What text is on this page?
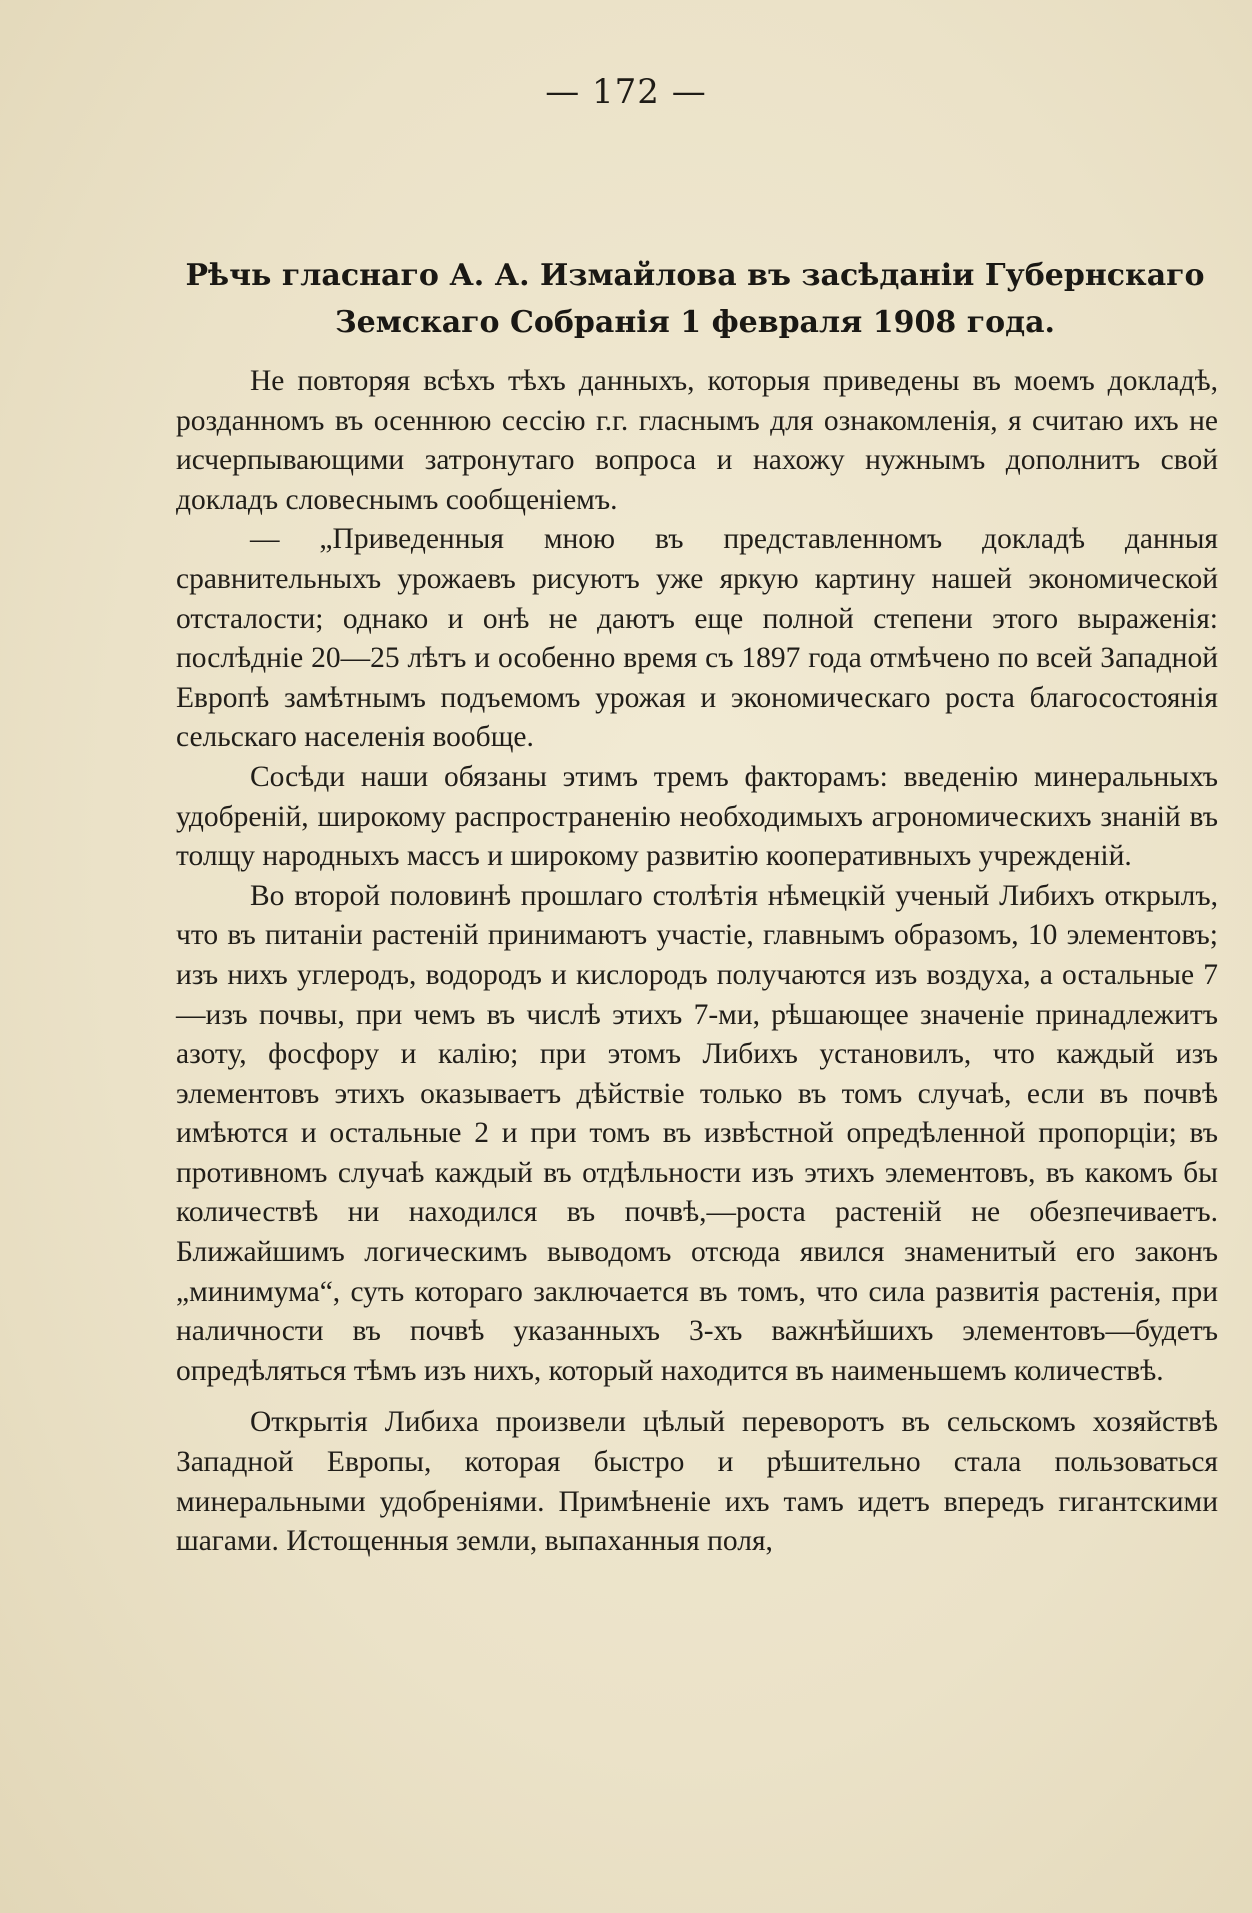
— 172 —
Рѣчь гласнаго А. А. Измайлова въ засѣданіи Губернскаго
Земскаго Собранія 1 февраля 1908 года.

Не повторяя всѣхъ тѣхъ данныхъ, которыя приведены въ моемъ докладѣ, розданномъ въ осеннюю сессію г.г. гласнымъ для ознакомленія, я считаю ихъ не исчерпывающими затронутаго вопроса и нахожу нужнымъ дополнитъ свой докладъ словеснымъ сообщеніемъ.

— „Приведенныя мною въ представленномъ докладѣ данныя сравнительныхъ урожаевъ рисуютъ уже яркую картину нашей экономической отсталости; однако и онѣ не даютъ еще полной степени этого выраженія: послѣдніе 20—25 лѣтъ и особенно время съ 1897 года отмѣчено по всей Западной Европѣ замѣтнымъ подъемомъ урожая и экономическаго роста благосостоянія сельскаго населенія вообще.

Сосѣди наши обязаны этимъ тремъ факторамъ: введенію минеральныхъ удобреній, широкому распространенію необходимыхъ агрономическихъ знаній въ толщу народныхъ массъ и широкому развитію кооперативныхъ учрежденій.

Во второй половинѣ прошлаго столѣтія нѣмецкій ученый Либихъ открылъ, что въ питаніи растеній принимаютъ участіе, главнымъ образомъ, 10 элементовъ; изъ нихъ углеродъ, водородъ и кислородъ получаются изъ воздуха, а остальные 7—изъ почвы, при чемъ въ числѣ этихъ 7-ми, рѣшающее значеніе принадлежитъ азоту, фосфору и калію; при этомъ Либихъ установилъ, что каждый изъ элементовъ этихъ оказываетъ дѣйствіе только въ томъ случаѣ, если въ почвѣ имѣются и остальные 2 и при томъ въ извѣстной опредѣленной пропорціи; въ противномъ случаѣ каждый въ отдѣльности изъ этихъ элементовъ, въ какомъ бы количествѣ ни находился въ почвѣ,—роста растеній не обезпечиваетъ. Ближайшимъ логическимъ выводомъ отсюда явился знаменитый его законъ „минимума“, суть котораго заключается въ томъ, что сила развитія растенія, при наличности въ почвѣ указанныхъ 3-хъ важнѣйшихъ элементовъ—будетъ опредѣляться тѣмъ изъ нихъ, который находится въ наименьшемъ количествѣ.

Открытія Либиха произвели цѣлый переворотъ въ сельскомъ хозяйствѣ Западной Европы, которая быстро и рѣшительно стала пользоваться минеральными удобреніями. Примѣненіе ихъ тамъ идетъ впередъ гигантскими шагами. Истощенныя земли, выпаханныя поля,
